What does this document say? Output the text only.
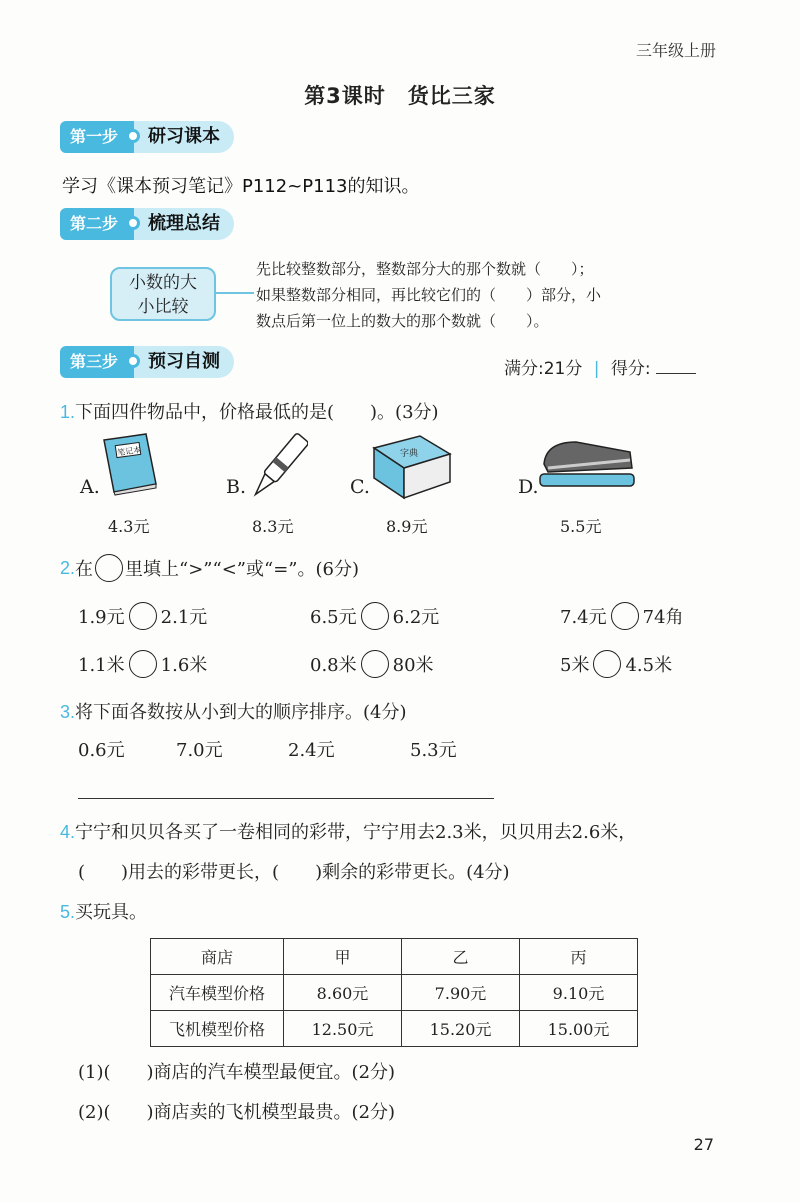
三年级上册
第3课时　货比三家
第一步	研习课本
学习《课本预习笔记》P112~P113的知识。
第二步	梳理总结
小数的大
小比较
先比较整数部分，整数部分大的那个数就（　　）；
如果整数部分相同，再比较它们的（　　）部分，小
数点后第一位上的数大的那个数就（　　）。
第三步	预习自测	满分:21分 | 得分:
1.下面四件物品中，价格最低的是(　　)。(3分)
A.
笔记本
4.3元
B.
8.3元
C.
字典
8.9元
D.
5.5元
2. 在 里填上“>”“<”或“=”。(6分)
1.9元 2.1元	6.5元 6.2元	7.4元 74角
1.1米 1.6米	0.8米 80米	5米 4.5米
3.将下面各数按从小到大的顺序排序。(4分)
0.6元	7.0元	2.4元	5.3元
4.宁宁和贝贝各买了一卷相同的彩带，宁宁用去2.3米，贝贝用去2.6米，
(　　)用去的彩带更长，(　　)剩余的彩带更长。(4分)
5.买玩具。
商店	甲	乙	丙
汽车模型价格	8.60元	7.90元	9.10元
飞机模型价格	12.50元	15.20元	15.00元
(1)(　　)商店的汽车模型最便宜。(2分)
(2)(　　)商店卖的飞机模型最贵。(2分)
27
